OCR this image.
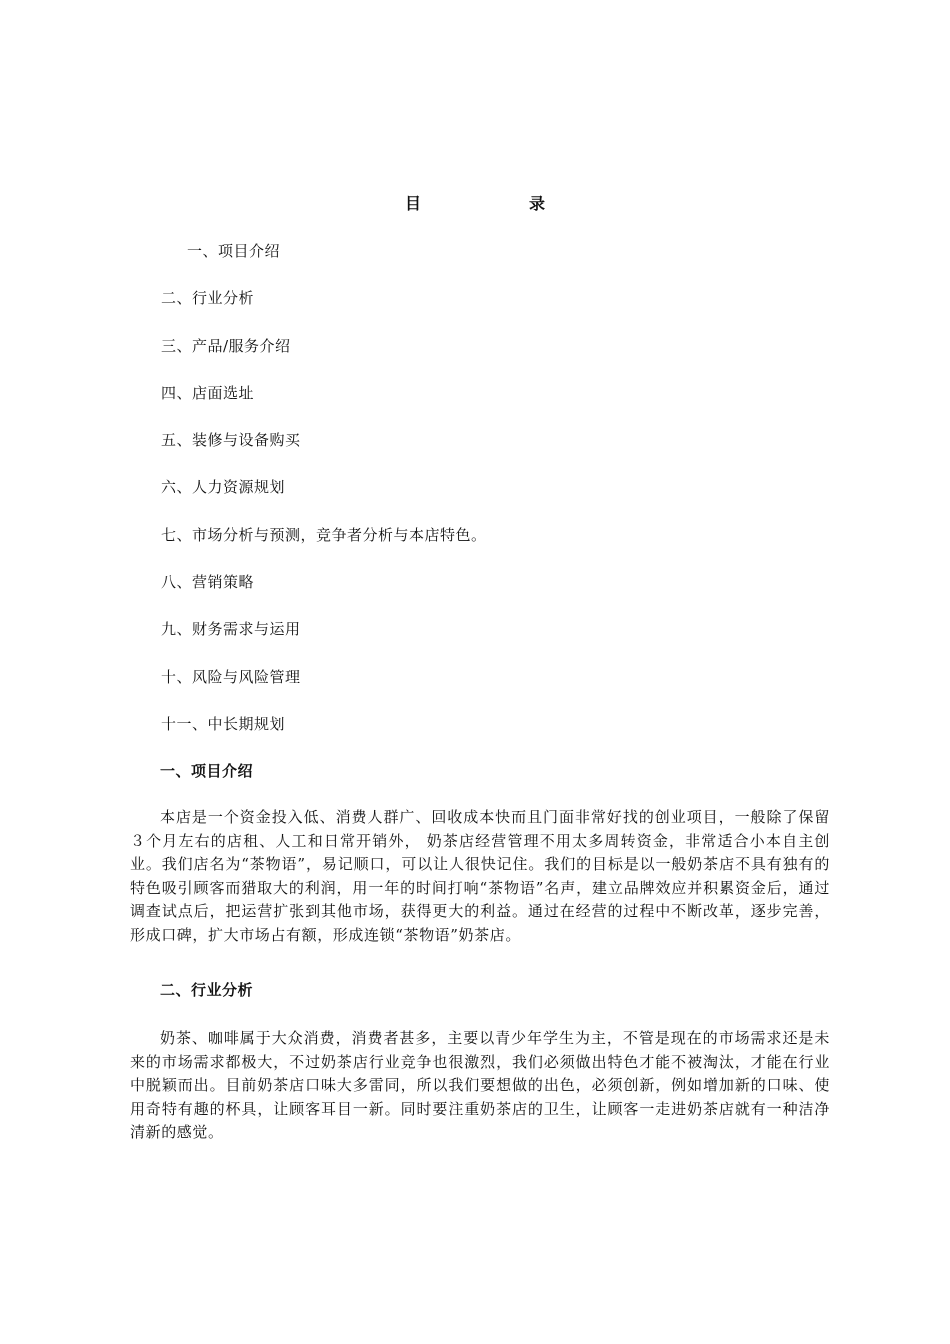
目	录
一、项目介绍
二、行业分析
三、产品/服务介绍
四、店面选址
五、装修与设备购买
六、人力资源规划
七、市场分析与预测，竞争者分析与本店特色。
八、营销策略
九、财务需求与运用
十、风险与风险管理
十一、中长期规划
一、项目介绍

本店是一个资金投入低、消费人群广、回收成本快而且门面非常好找的创业项目，一般除了保留３个月左右的店租、人工和日常开销外， 奶茶店经营管理不用太多周转资金，非常适合小本自主创业。我们店名为“茶物语”，易记顺口，可以让人很快记住。我们的目标是以一般奶茶店不具有独有的特色吸引顾客而猎取大的利润，用一年的时间打响“茶物语”名声，建立品牌效应并积累资金后，通过调查试点后，把运营扩张到其他市场，获得更大的利益。通过在经营的过程中不断改革，逐步完善，形成口碑，扩大市场占有额，形成连锁“茶物语”奶茶店。

二、行业分析

奶茶、咖啡属于大众消费，消费者甚多，主要以青少年学生为主，不管是现在的市场需求还是未来的市场需求都极大，不过奶茶店行业竞争也很激烈，我们必须做出特色才能不被淘汰，才能在行业中脱颖而出。目前奶茶店口味大多雷同，所以我们要想做的出色，必须创新，例如增加新的口味、使用奇特有趣的杯具，让顾客耳目一新。同时要注重奶茶店的卫生，让顾客一走进奶茶店就有一种洁净清新的感觉。
